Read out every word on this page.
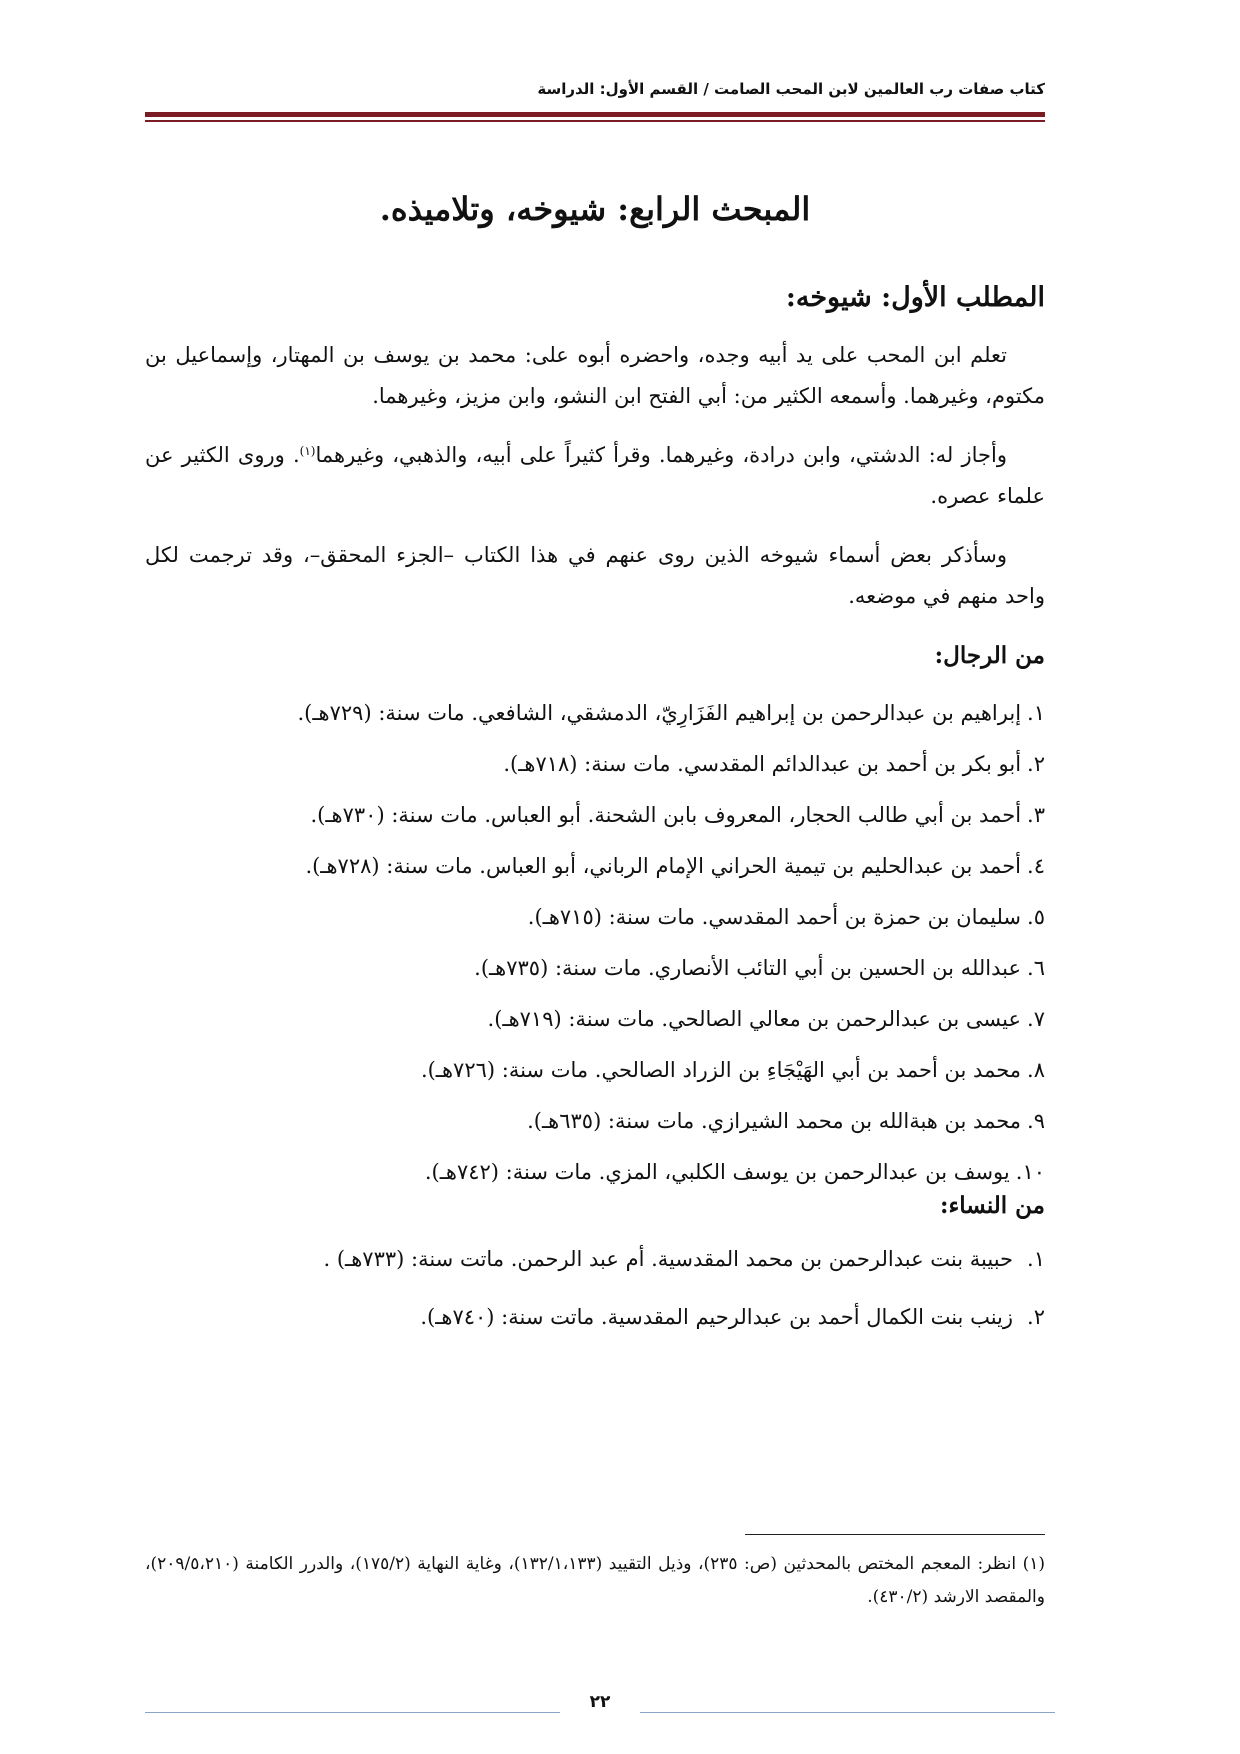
كتاب صفات رب العالمين لابن المحب الصامت / القسم الأول: الدراسة
المبحث الرابع: شيوخه، وتلاميذه.
المطلب الأول: شيوخه:
تعلم ابن المحب على يد أبيه وجده، واحضره أبوه على: محمد بن يوسف بن المهتار، وإسماعيل بن مكتوم، وغيرهما. وأسمعه الكثير من: أبي الفتح ابن النشو، وابن مزيز، وغيرهما.
وأجاز له: الدشتي، وابن درادة، وغيرهما. وقرأ كثيراً على أبيه، والذهبي، وغيرهما$^{(١)}$. وروى الكثير عن علماء عصره.
وسأذكر بعض أسماء شيوخه الذين روى عنهم في هذا الكتاب –الجزء المحقق–، وقد ترجمت لكل واحد منهم في موضعه.
من الرجال:
١.إبراهيم بن عبدالرحمن بن إبراهيم الفَزَارِيّ، الدمشقي، الشافعي. مات سنة: (٧٢٩هـ).
٢.أبو بكر بن أحمد بن عبدالدائم المقدسي. مات سنة: (٧١٨هـ).
٣.أحمد بن أبي طالب الحجار، المعروف بابن الشحنة. أبو العباس. مات سنة: (٧٣٠هـ).
٤.أحمد بن عبدالحليم بن تيمية الحراني الإمام الرباني، أبو العباس. مات سنة: (٧٢٨هـ).
٥.سليمان بن حمزة بن أحمد المقدسي. مات سنة: (٧١٥هـ).
٦.عبدالله بن الحسين بن أبي التائب الأنصاري. مات سنة: (٧٣٥هـ).
٧.عيسى بن عبدالرحمن بن معالي الصالحي. مات سنة: (٧١٩هـ).
٨.محمد بن أحمد بن أبي الهَيْجَاءِ بن الزراد الصالحي. مات سنة: (٧٢٦هـ).
٩.محمد بن هبةالله بن محمد الشيرازي. مات سنة: (٦٣٥هـ).
١٠.يوسف بن عبدالرحمن بن يوسف الكلبي، المزي. مات سنة: (٧٤٢هـ).
من النساء:
١.حبيبة بنت عبدالرحمن بن محمد المقدسية. أم عبد الرحمن. ماتت سنة: (٧٣٣هـ) .
٢.زينب بنت الكمال أحمد بن عبدالرحيم المقدسية. ماتت سنة: (٧٤٠هـ).
(١) انظر: المعجم المختص بالمحدثين (ص: ٢٣٥)، وذيل التقييد (١٣٢/١،١٣٣)، وغاية النهاية (١٧٥/٢)، والدرر الكامنة (٢٠٩/٥،٢١٠)، والمقصد الارشد (٤٣٠/٢).
٢٢
